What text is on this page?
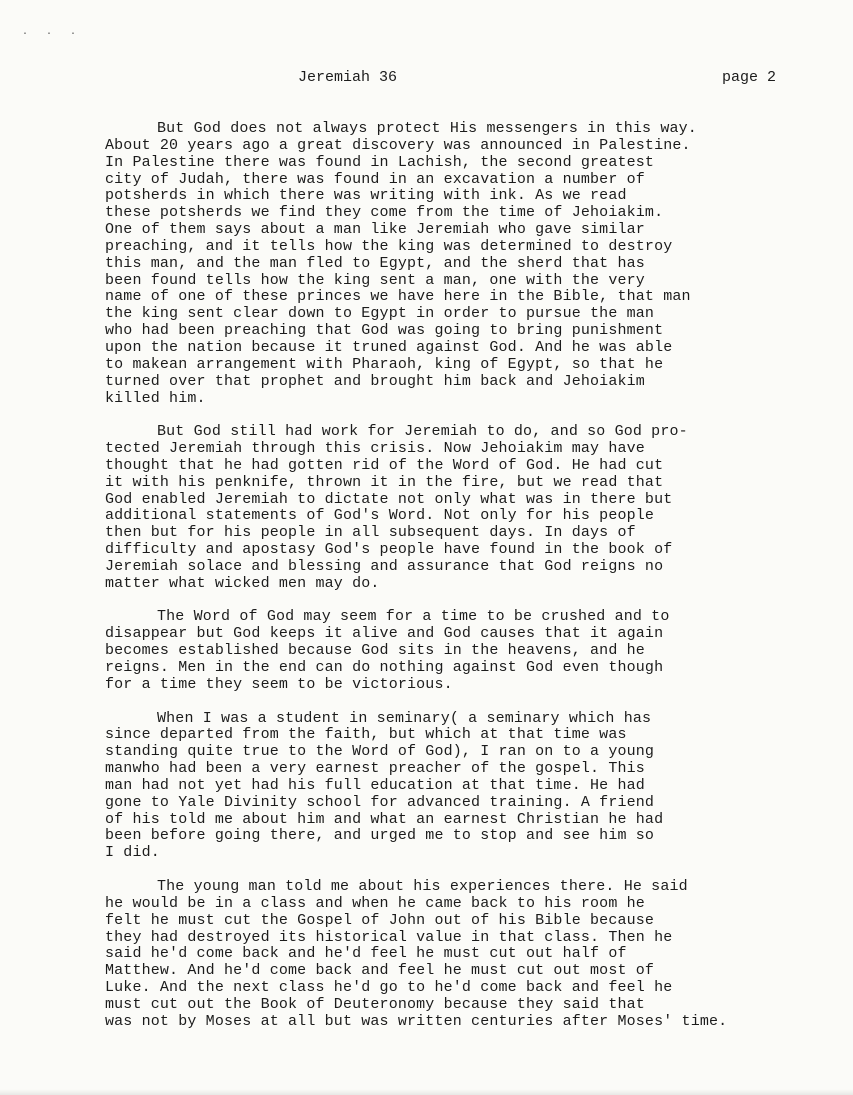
· · ·
Jeremiah 36	page 2
But God does not always protect His messengers in this way.
About 20 years ago a great discovery was announced in Palestine.
In Palestine there was found in Lachish, the second greatest
city of Judah, there was found in an excavation a number of
potsherds in which there was writing with ink. As we read
these potsherds we find they come from the time of Jehoiakim.
One of them says about a man like Jeremiah who gave similar
preaching, and it tells how the king was determined to destroy
this man, and the man fled to Egypt, and the sherd that has
been found tells how the king sent a man, one with the very
name of one of these princes we have here in the Bible, that man
the king sent clear down to Egypt in order to pursue the man
who had been preaching that God was going to bring punishment
upon the nation because it truned against God. And he was able
to makean arrangement with Pharaoh, king of Egypt, so that he
turned over that prophet and brought him back and Jehoiakim
killed him.
But God still had work for Jeremiah to do, and so God pro-
tected Jeremiah through this crisis. Now Jehoiakim may have
thought that he had gotten rid of the Word of God. He had cut
it with his penknife, thrown it in the fire, but we read that
God enabled Jeremiah to dictate not only what was in there but
additional statements of God's Word. Not only for his people
then but for his people in all subsequent days. In days of
difficulty and apostasy God's people have found in the book of
Jeremiah solace and blessing and assurance that God reigns no
matter what wicked men may do.
The Word of God may seem for a time to be crushed and to
disappear but God keeps it alive and God causes that it again
becomes established because God sits in the heavens, and he
reigns. Men in the end can do nothing against God even though
for a time they seem to be victorious.
When I was a student in seminary( a seminary which has
since departed from the faith, but which at that time was
standing quite true to the Word of God), I ran on to a young
manwho had been a very earnest preacher of the gospel. This
man had not yet had his full education at that time. He had
gone to Yale Divinity school for advanced training. A friend
of his told me about him and what an earnest Christian he had
been before going there, and urged me to stop and see him so
I did.
The young man told me about his experiences there. He said
he would be in a class and when he came back to his room he
felt he must cut the Gospel of John out of his Bible because
they had destroyed its historical value in that class. Then he
said he'd come back and he'd feel he must cut out half of
Matthew. And he'd come back and feel he must cut out most of
Luke. And the next class he'd go to he'd come back and feel he
must cut out the Book of Deuteronomy because they said that
was not by Moses at all but was written centuries after Moses' time.
